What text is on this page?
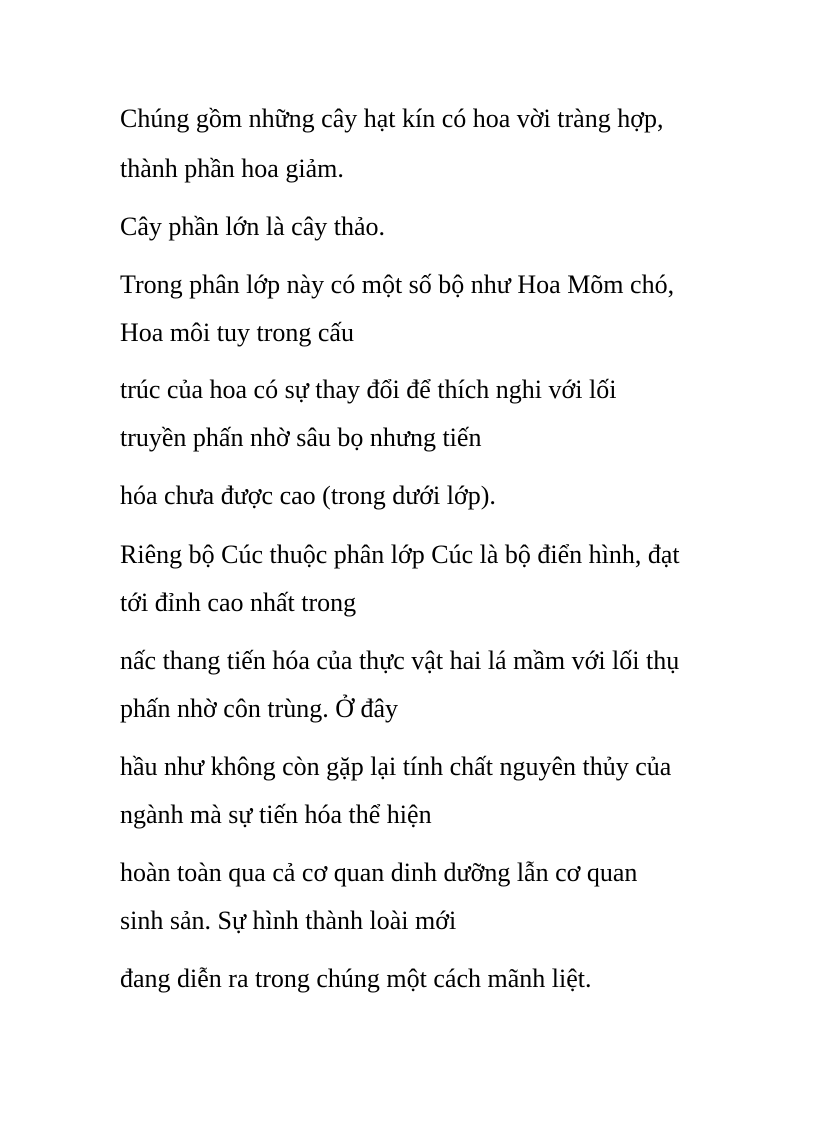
Chúng gồm những cây hạt kín có hoa vời tràng hợp,

thành phần hoa giảm.

Cây phần lớn là cây thảo.

Trong phân lớp này có một số bộ như Hoa Mõm chó,

Hoa môi tuy trong cấu

trúc của hoa có sự thay đổi để thích nghi với lối

truyền phấn nhờ sâu bọ nhưng tiến

hóa chưa được cao (trong dưới lớp).

Riêng bộ Cúc thuộc phân lớp Cúc là bộ điển hình, đạt

tới đỉnh cao nhất trong

nấc thang tiến hóa của thực vật hai lá mầm với lối thụ

phấn nhờ côn trùng. Ở đây

hầu như không còn gặp lại tính chất nguyên thủy của

ngành mà sự tiến hóa thể hiện

hoàn toàn qua cả cơ quan dinh dưỡng lẫn cơ quan

sinh sản. Sự hình thành loài mới

đang diễn ra trong chúng một cách mãnh liệt.
